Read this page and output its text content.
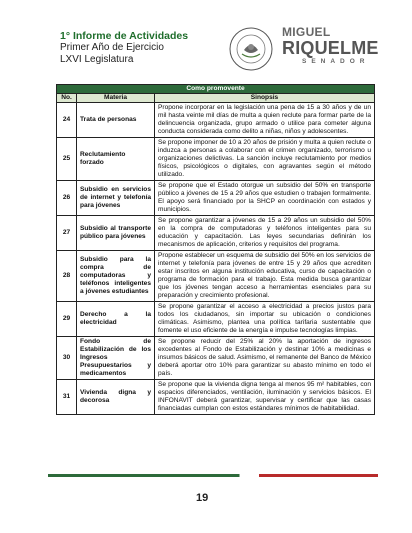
1° Informe de Actividades
Primer Año de Ejercicio
LXVI Legislatura
MIGUEL
RIQUELME
SENADOR
Como promovente		
No.	Materia	Sinopsis
24	Trata de personas	Propone incorporar en la legislación una pena de 15 a 30 años y de un mil hasta veinte mil días de multa a quien reclute para formar parte de la delincuencia organizada, grupo armado o utilice para cometer alguna conducta considerada como delito a niñas, niños y adolescentes.
25	Reclutamiento forzado	Se propone imponer de 10 a 20 años de prisión y multa a quien reclute o induzca a personas a colaborar con el crimen organizado, terrorismo u organizaciones delictivas. La sanción incluye reclutamiento por medios físicos, psicológicos o digitales, con agravantes según el método utilizado.
26	Subsidio en servicios de internet y telefonía para jóvenes	Se propone que el Estado otorgue un subsidio del 50% en transporte público a jóvenes de 15 a 29 años que estudien o trabajen formalmente. El apoyo será financiado por la SHCP en coordinación con estados y municipios.
27	Subsidio al transporte público para jóvenes	Se propone garantizar a jóvenes de 15 a 29 años un subsidio del 50% en la compra de computadoras y teléfonos inteligentes para su educación y capacitación. Las leyes secundarias definirán los mecanismos de aplicación, criterios y requisitos del programa.
28	Subsidio para la compra de computadoras y teléfonos inteligentes a jóvenes estudiantes	Propone establecer un esquema de subsidio del 50% en los servicios de internet y telefonía para jóvenes de entre 15 y 29 años que acrediten estar inscritos en alguna institución educativa, curso de capacitación o programa de formación para el trabajo. Esta medida busca garantizar que los jóvenes tengan acceso a herramientas esenciales para su preparación y crecimiento profesional.
29	Derecho a la electricidad	Se propone garantizar el acceso a electricidad a precios justos para todos los ciudadanos, sin importar su ubicación o condiciones climáticas. Asimismo, plantea una política tarifaria sustentable que fomente el uso eficiente de la energía e impulse tecnologías limpias.
30	Fondo de Estabilización de los Ingresos Presupuestarios y medicamentos	Se propone reducir del 25% al 20% la aportación de ingresos excedentes al Fondo de Estabilización y destinar 10% a medicinas e insumos básicos de salud. Asimismo, el remanente del Banco de México deberá aportar otro 10% para garantizar su abasto mínimo en todo el país.
31	Vivienda digna y decorosa	Se propone que la vivienda digna tenga al menos 95 m² habitables, con espacios diferenciados, ventilación, iluminación y servicios básicos. El INFONAVIT deberá garantizar, supervisar y certificar que las casas financiadas cumplan con estos estándares mínimos de habitabilidad.
19
